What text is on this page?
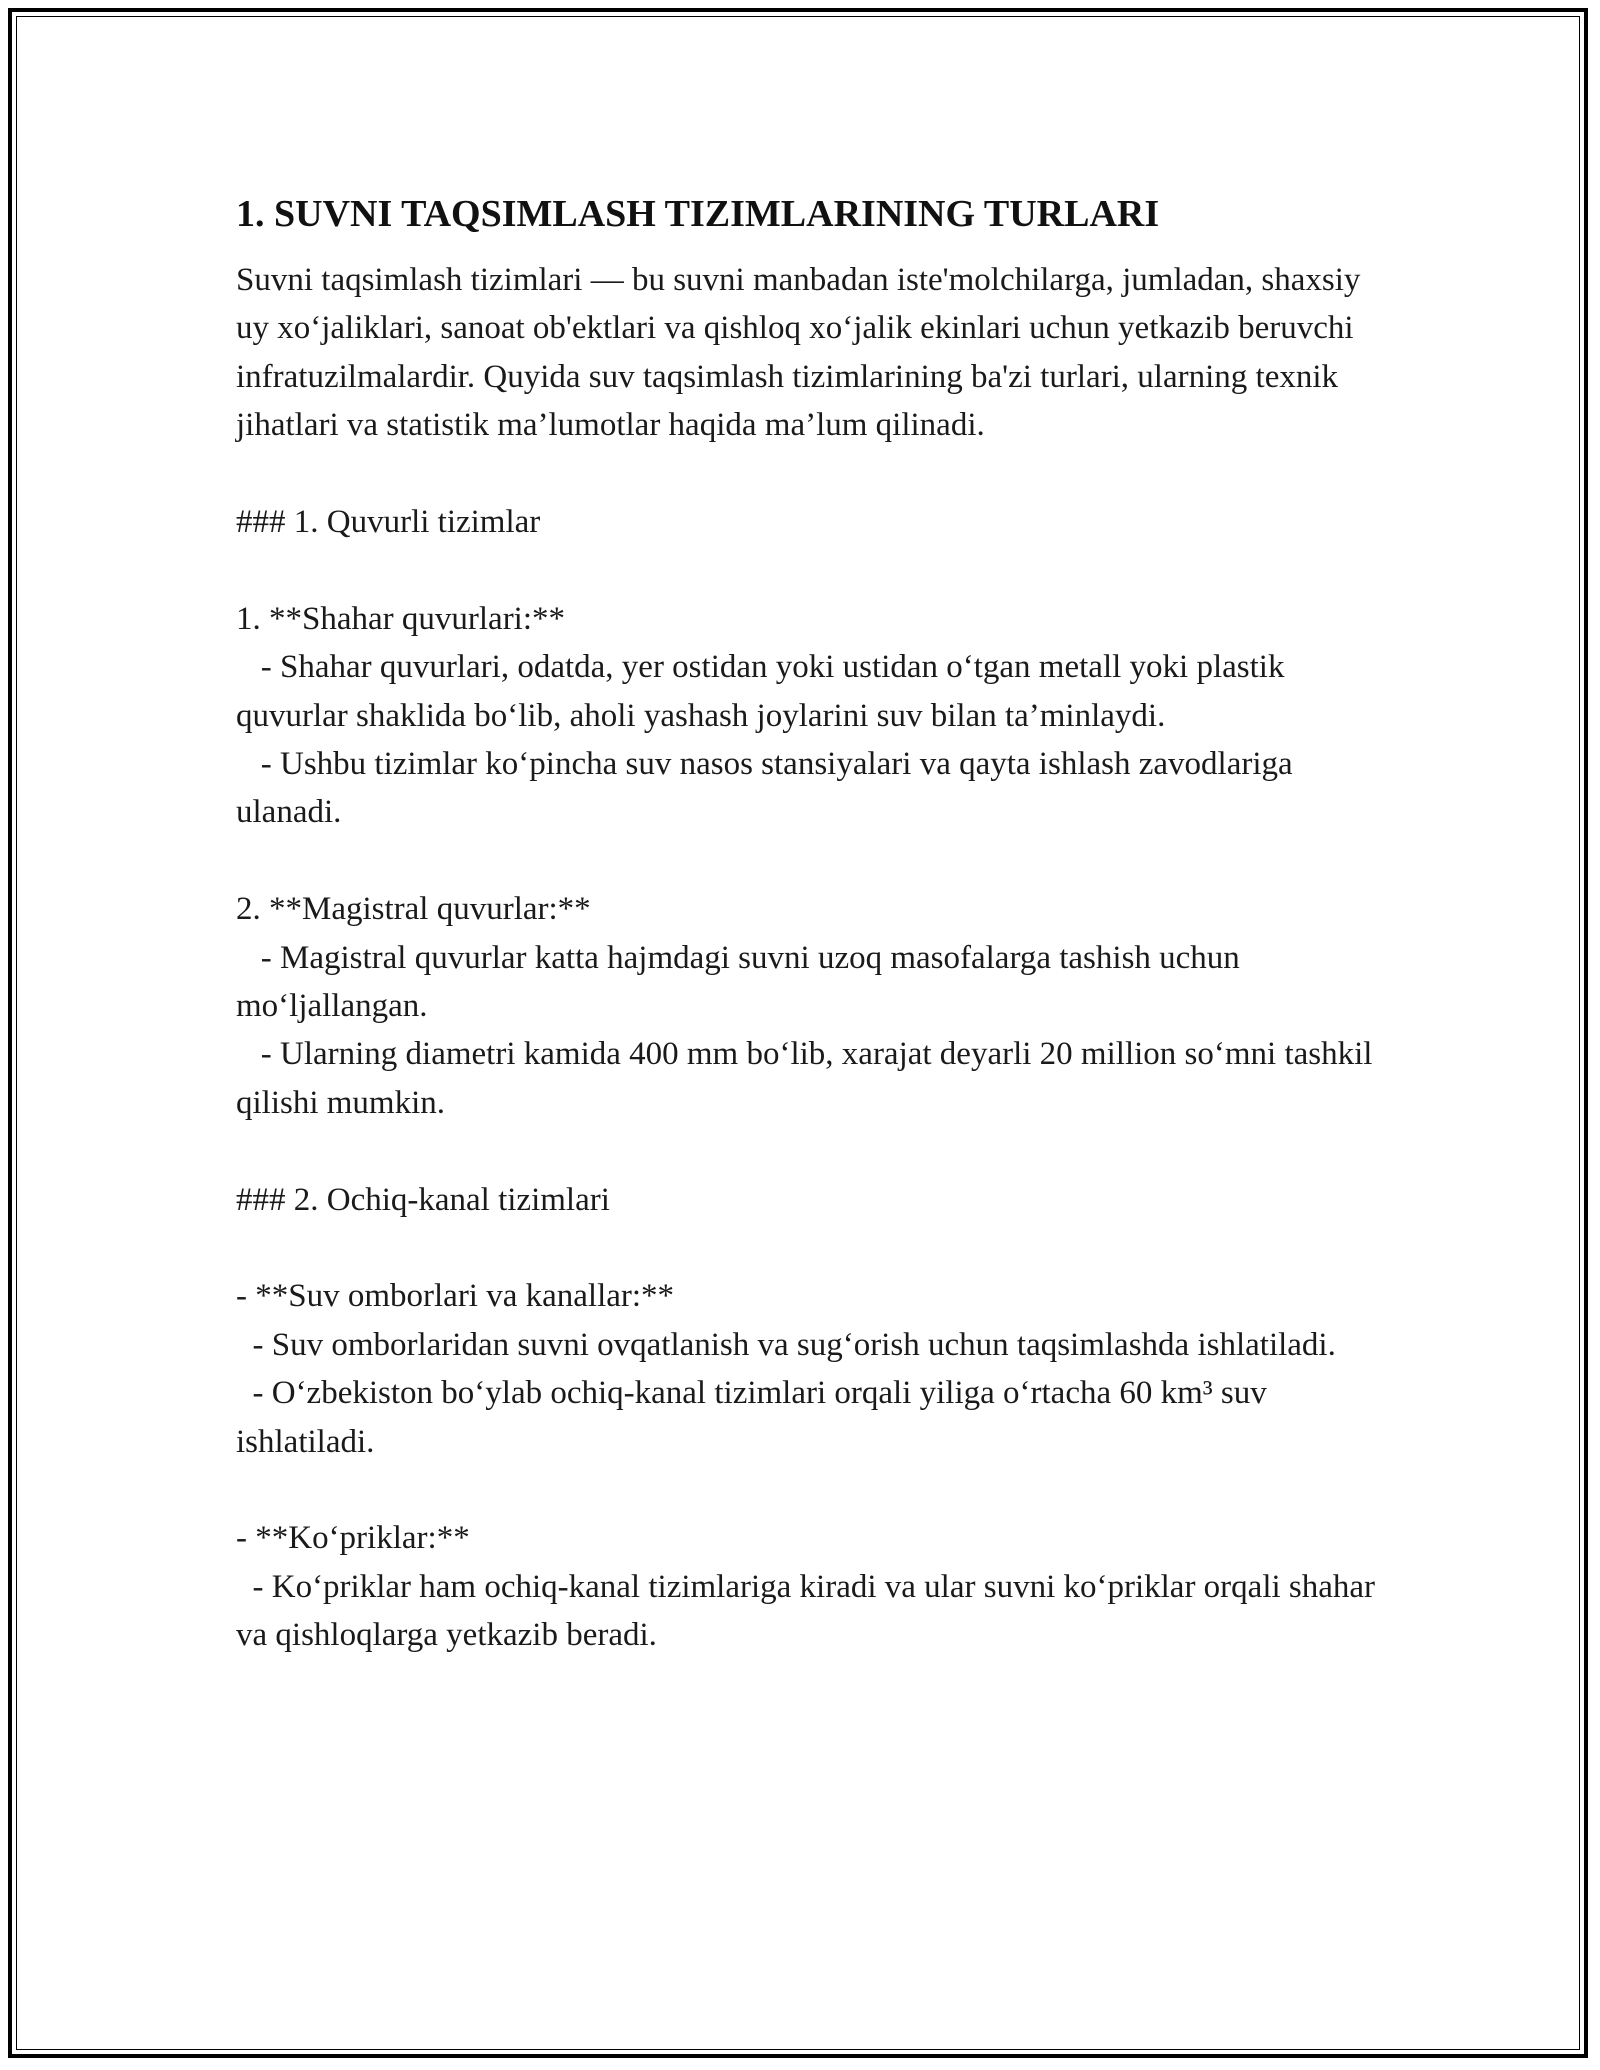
1. SUVNI TAQSIMLASH TIZIMLARINING TURLARI

Suvni taqsimlash tizimlari — bu suvni manbadan iste'molchilarga, jumladan, shaxsiy uy xo‘jaliklari, sanoat ob'ektlari va qishloq xo‘jalik ekinlari uchun yetkazib beruvchi infratuzilmalardir. Quyida suv taqsimlash tizimlarining ba'zi turlari, ularning texnik jihatlari va statistik ma’lumotlar haqida ma’lum qilinadi.

### 1. Quvurli tizimlar

1. **Shahar quvurlari:**

- Shahar quvurlari, odatda, yer ostidan yoki ustidan o‘tgan metall yoki plastik quvurlar shaklida bo‘lib, aholi yashash joylarini suv bilan ta’minlaydi.

- Ushbu tizimlar ko‘pincha suv nasos stansiyalari va qayta ishlash zavodlariga ulanadi.

2. **Magistral quvurlar:**

- Magistral quvurlar katta hajmdagi suvni uzoq masofalarga tashish uchun mo‘ljallangan.

- Ularning diametri kamida 400 mm bo‘lib, xarajat deyarli 20 million so‘mni tashkil qilishi mumkin.

### 2. Ochiq-kanal tizimlari

- **Suv omborlari va kanallar:**

- Suv omborlaridan suvni ovqatlanish va sug‘orish uchun taqsimlashda ishlatiladi.

- O‘zbekiston bo‘ylab ochiq-kanal tizimlari orqali yiliga o‘rtacha 60 km³ suv ishlatiladi.

- **Ko‘priklar:**

- Ko‘priklar ham ochiq-kanal tizimlariga kiradi va ular suvni ko‘priklar orqali shahar va qishloqlarga yetkazib beradi.
